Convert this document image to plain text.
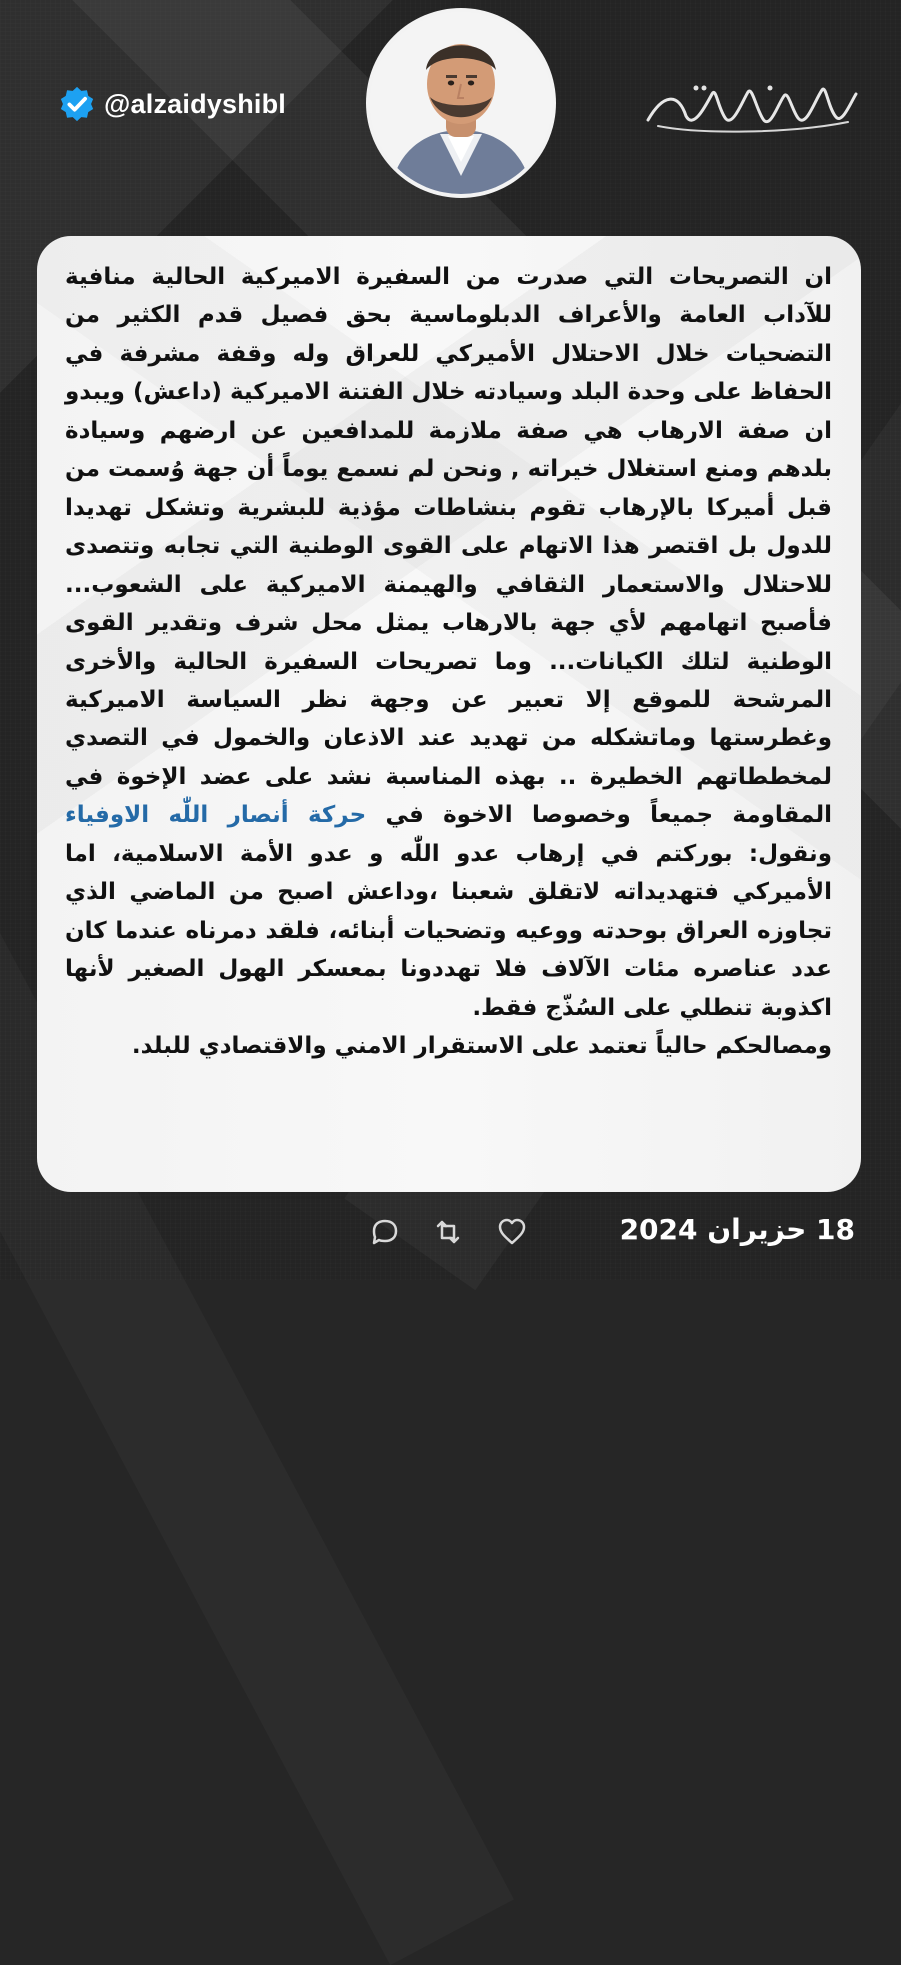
@alzaidyshibl
ان التصريحات التي صدرت من السفيرة الاميركية الحالية منافية للآداب العامة والأعراف الدبلوماسية بحق فصيل قدم الكثير من التضحيات خلال الاحتلال الأميركي للعراق وله وقفة مشرفة في الحفاظ على وحدة البلد وسيادته خلال الفتنة الاميركية (داعش) ويبدو ان صفة الارهاب هي صفة ملازمة للمدافعين عن ارضهم وسيادة بلدهم ومنع استغلال خيراته , ونحن لم نسمع يوماً أن جهة وُسمت من قبل أميركا بالإرهاب تقوم بنشاطات مؤذية للبشرية وتشكل تهديدا للدول بل اقتصر هذا الاتهام على القوى الوطنية التي تجابه وتتصدى للاحتلال والاستعمار الثقافي والهيمنة الاميركية على الشعوب... فأصبح اتهامهم لأي جهة بالارهاب يمثل محل شرف وتقدير القوى الوطنية لتلك الكيانات... وما تصريحات السفيرة الحالية والأخرى المرشحة للموقع إلا تعبير عن وجهة نظر السياسة الاميركية وغطرستها وماتشكله من تهديد عند الاذعان والخمول في التصدي لمخططاتهم الخطيرة .. بهذه المناسبة نشد على عضد الإخوة في المقاومة جميعاً وخصوصا الاخوة في حركة أنصار اللّٰه الاوفياء ونقول: بوركتم في إرهاب عدو اللّٰه و عدو الأمة الاسلامية، اما الأميركي فتهديداته لاتقلق شعبنا ،وداعش اصبح من الماضي الذي تجاوزه العراق بوحدته ووعيه وتضحيات أبنائه، فلقد دمرناه عندما كان عدد عناصره مئات الآلاف فلا تهددونا بمعسكر الهول الصغير لأنها اكذوبة تنطلي على السُذّج فقط.
ومصالحكم حالياً تعتمد على الاستقرار الامني والاقتصادي للبلد.
18 حزيران 2024
